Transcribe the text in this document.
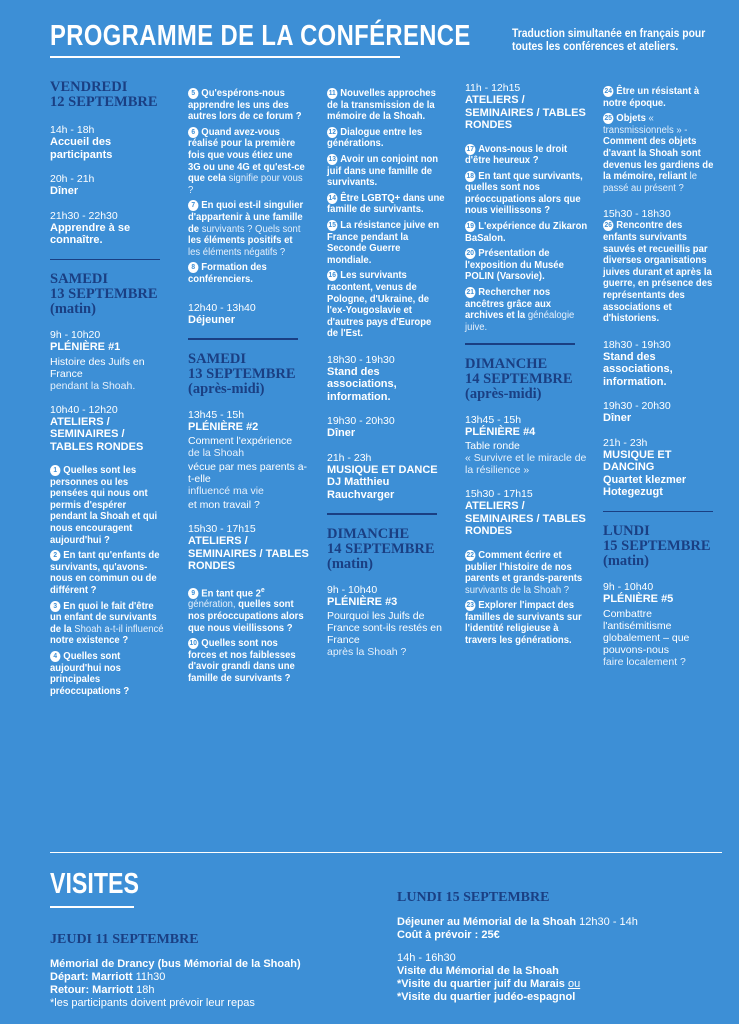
PROGRAMME DE LA CONFÉRENCE	Traduction simultanée en français pour toutes les conférences et ateliers.
VENDREDI
12 SEPTEMBRE
14h - 18h
Accueil des participants
20h - 21h
Dîner
21h30 - 22h30
Apprendre à se connaître.
SAMEDI
13 SEPTEMBRE
(matin)
9h - 10h20
PLÉNIÈRE #1
Histoire des Juifs en France
pendant la Shoah.
10h40 - 12h20
ATELIERS / SEMINAIRES / TABLES RONDES
1 Quelles sont les personnes ou les pensées qui nous ont permis d'espérer pendant la Shoah et qui nous encouragent aujourd'hui ?
2 En tant qu'enfants de survivants, qu'avons-nous en commun ou de différent ?
3 En quoi le fait d'être un enfant de survivants de la Shoah a-t-il influencé notre existence ?
4 Quelles sont aujourd'hui nos principales préoccupations ?
5 Qu'espérons-nous apprendre les uns des autres lors de ce forum ?
6 Quand avez-vous réalisé pour la première fois que vous étiez une 3G ou une 4G et qu'est-ce que cela signifie pour vous ?
7 En quoi est-il singulier d'appartenir à une famille de survivants ? Quels sont les éléments positifs et les éléments négatifs ?
8 Formation des conférenciers.
12h40 - 13h40
Déjeuner
SAMEDI
13 SEPTEMBRE
(après-midi)
13h45 - 15h
PLÉNIÈRE #2
Comment l'expérience
de la Shoah
vécue par mes parents a-t-elle
influencé ma vie
et mon travail ?
15h30 - 17h15
ATELIERS / SEMINAIRES / TABLES RONDES
9 En tant que 2e génération, quelles sont nos préoccupations alors que nous vieillissons ?
10 Quelles sont nos forces et nos faiblesses d'avoir grandi dans une famille de survivants ?
11 Nouvelles approches de la transmission de la mémoire de la Shoah.
12 Dialogue entre les générations.
13 Avoir un conjoint non juif dans une famille de survivants.
14 Être LGBTQ+ dans une famille de survivants.
15 La résistance juive en France pendant la Seconde Guerre mondiale.
16 Les survivants racontent, venus de Pologne, d'Ukraine, de l'ex-Yougoslavie et d'autres pays d'Europe de l'Est.
18h30 - 19h30
Stand des associations, information.
19h30 - 20h30
Dîner
21h - 23h
MUSIQUE ET DANCE
DJ Matthieu Rauchvarger
DIMANCHE
14 SEPTEMBRE
(matin)
9h - 10h40
PLÉNIÈRE #3
Pourquoi les Juifs de France sont-ils restés en France
après la Shoah ?
11h - 12h15
ATELIERS / SEMINAIRES / TABLES RONDES
17 Avons-nous le droit d'être heureux ?
18 En tant que survivants, quelles sont nos préoccupations alors que nous vieillissons ?
19 L'expérience du Zikaron BaSalon.
20 Présentation de l'exposition du Musée POLIN (Varsovie).
21 Rechercher nos ancêtres grâce aux archives et la généalogie juive.
DIMANCHE
14 SEPTEMBRE
(après-midi)
13h45 - 15h
PLÉNIÈRE #4
Table ronde
« Survivre et le miracle de la résilience »
15h30 - 17h15
ATELIERS / SEMINAIRES / TABLES RONDES
22 Comment écrire et publier l'histoire de nos parents et grands-parents survivants de la Shoah ?
23 Explorer l'impact des familles de survivants sur l'identité religieuse à travers les générations.
24 Être un résistant à notre époque.
25 Objets « transmissionnels » - Comment des objets d'avant la Shoah sont devenus les gardiens de la mémoire, reliant le passé au présent ?
15h30 - 18h30
26 Rencontre des enfants survivants sauvés et recueillis par diverses organisations juives durant et après la guerre, en présence des représentants des associations et d'historiens.
18h30 - 19h30
Stand des associations, information.
19h30 - 20h30
Dîner
21h - 23h
MUSIQUE ET DANCING
Quartet klezmer Hotegezugt
LUNDI
15 SEPTEMBRE
(matin)
9h - 10h40
PLÉNIÈRE #5
Combattre l'antisémitisme globalement – que pouvons-nous
faire localement ?
VISITES
JEUDI 11 SEPTEMBRE
Mémorial de Drancy (bus Mémorial de la Shoah)
Départ: Marriott 11h30
Retour: Marriott 18h
*les participants doivent prévoir leur repas
LUNDI 15 SEPTEMBRE
Déjeuner au Mémorial de la Shoah 12h30 - 14h
Coût à prévoir : 25€
14h - 16h30
Visite du Mémorial de la Shoah
*Visite du quartier juif du Marais ou
*Visite du quartier judéo-espagnol
